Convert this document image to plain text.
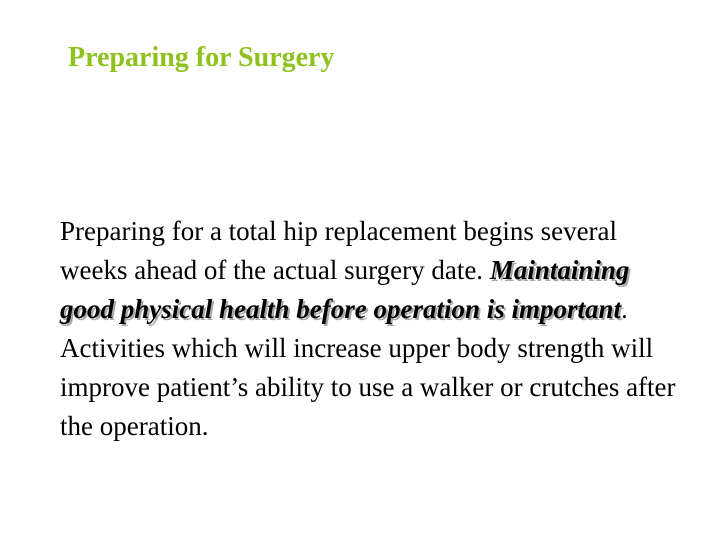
Preparing for Surgery

Preparing for a total hip replacement begins several weeks ahead of the actual surgery date. Maintaining good physical health before operation is important. Activities which will increase upper body strength will improve patient’s ability to use a walker or crutches after the operation.
